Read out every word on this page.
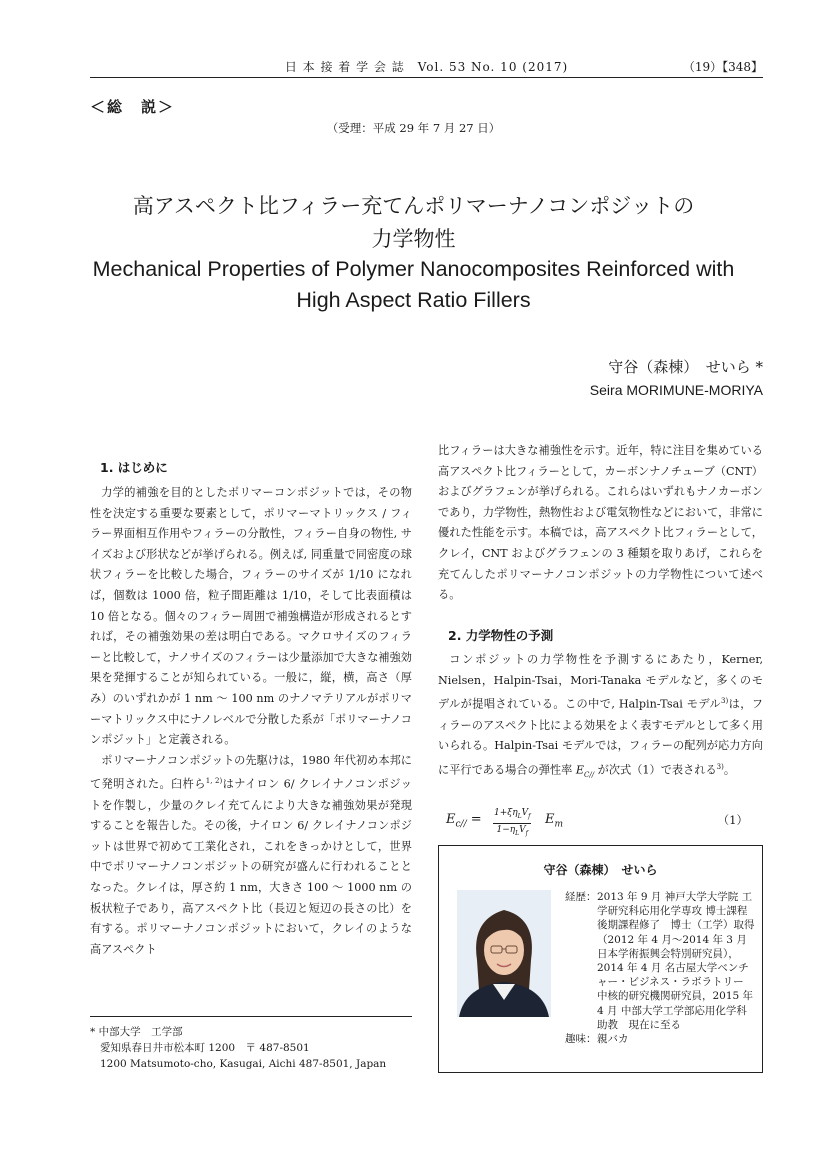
日 本 接 着 学 会 誌　Vol. 53 No. 10 (2017)	（19）【348】
＜総　説＞
（受理：平成 29 年 7 月 27 日）
高アスペクト比フィラー充てんポリマーナノコンポジットの
力学物性
Mechanical Properties of Polymer Nanocomposites Reinforced with
High Aspect Ratio Fillers
守谷（森棟）　せいら *
Seira MORIMUNE-MORIYA
1. はじめに

力学的補強を目的としたポリマーコンポジットでは，その物性を決定する重要な要素として，ポリマーマトリックス / フィラー界面相互作用やフィラーの分散性，フィラー自身の物性, サイズおよび形状などが挙げられる。例えば, 同重量で同密度の球状フィラーを比較した場合，フィラーのサイズが 1/10 になれば，個数は 1000 倍，粒子間距離は 1/10，そして比表面積は 10 倍となる。個々のフィラー周囲で補強構造が形成されるとすれば，その補強効果の差は明白である。マクロサイズのフィラーと比較して，ナノサイズのフィラーは少量添加で大きな補強効果を発揮することが知られている。一般に，縦，横，高さ（厚み）のいずれかが 1 nm ～ 100 nm のナノマテリアルがポリマーマトリックス中にナノレベルで分散した系が「ポリマーナノコンポジット」と定義される。

ポリマーナノコンポジットの先駆けは，1980 年代初め本邦にて発明された。臼杵ら$^{1, 2)}$はナイロン 6/ クレイナノコンポジットを作製し，少量のクレイ充てんにより大きな補強効果が発現することを報告した。その後，ナイロン 6/ クレイナノコンポジットは世界で初めて工業化され，これをきっかけとして，世界中でポリマーナノコンポジットの研究が盛んに行われることとなった。クレイは，厚さ約 1 nm，大きさ 100 ～ 1000 nm の板状粒子であり，高アスペクト比（長辺と短辺の長さの比）を有する。ポリマーナノコンポジットにおいて，クレイのような高アスペクト

比フィラーは大きな補強性を示す。近年，特に注目を集めている高アスペクト比フィラーとして，カーボンナノチューブ（CNT）およびグラフェンが挙げられる。これらはいずれもナノカーボンであり，力学物性，熱物性および電気物性などにおいて，非常に優れた性能を示す。本稿では，高アスペクト比フィラーとして，クレイ，CNT およびグラフェンの 3 種類を取りあげ，これらを充てんしたポリマーナノコンポジットの力学物性について述べる。

2. 力学物性の予測

コンポジットの力学物性を予測するにあたり，Kerner, Nielsen，Halpin-Tsai，Mori-Tanaka モデルなど，多くのモデルが提唱されている。この中で, Halpin-Tsai モデル$^{3)}$は，フィラーのアスペクト比による効果をよく表すモデルとして多く用いられる。Halpin-Tsai モデルでは，フィラーの配列が応力方向に平行である場合の弾性率 $E_{C//}$ が次式（1）で表される$^{3)}$。

$E_{c//} = 1+\xi\eta_LV_f$
$1-\eta_LV_f$
$E_m$	（1）
* 中部大学　工学部
愛知県春日井市松本町 1200　〒 487-8501
1200 Matsumoto-cho, Kasugai, Aichi 487-8501, Japan
守谷（森棟）　せいら
経歴： 2013 年 9 月 神戸大学大学院 工学研究科応用化学専攻 博士課程後期課程修了　博士（工学）取得（2012 年 4 月～2014 年 3 月 日本学術振興会特別研究員），2014 年 4 月 名古屋大学ベンチャー・ビジネス・ラボラトリー 中核的研究機関研究員，2015 年 4 月 中部大学工学部応用化学科 助教　現在に至る
趣味： 親バカ
